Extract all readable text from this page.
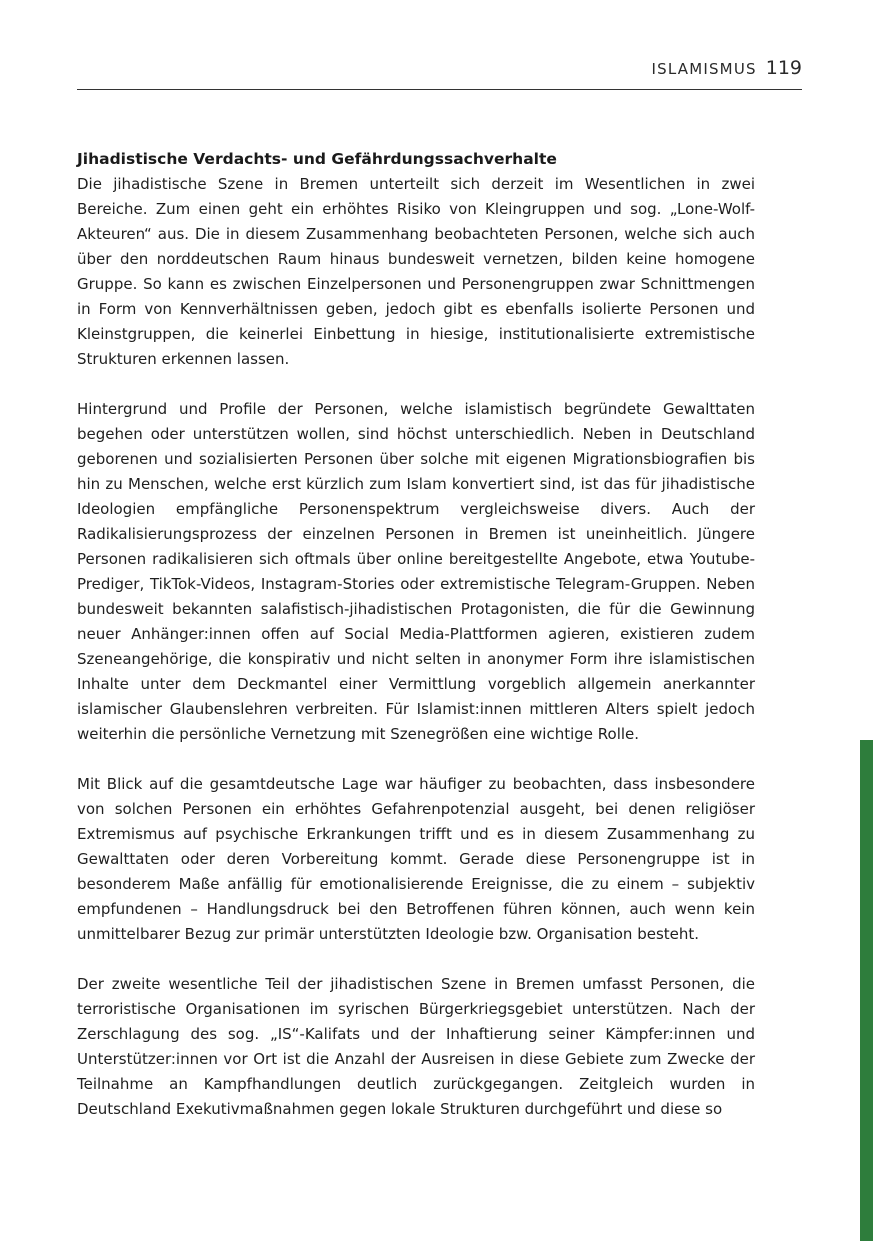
ISLAMISMUS 119
Jihadistische Verdachts- und Gefährdungssachverhalte

Die jihadistische Szene in Bremen unterteilt sich derzeit im Wesentlichen in zwei Bereiche. Zum einen geht ein erhöhtes Risiko von Kleingruppen und sog. „Lone-Wolf-Akteuren“ aus. Die in diesem Zusammenhang beobachteten Personen, welche sich auch über den norddeutschen Raum hinaus bundesweit vernetzen, bilden keine homogene Gruppe. So kann es zwischen Einzelpersonen und Personengruppen zwar Schnittmengen in Form von Kennverhältnissen geben, jedoch gibt es ebenfalls isolierte Personen und Kleinstgruppen, die keinerlei Einbettung in hiesige, institutionalisierte extremistische Strukturen erkennen lassen.

Hintergrund und Profile der Personen, welche islamistisch begründete Gewalttaten begehen oder unterstützen wollen, sind höchst unterschiedlich. Neben in Deutschland geborenen und sozialisierten Personen über solche mit eigenen Migrationsbiografien bis hin zu Menschen, welche erst kürzlich zum Islam konvertiert sind, ist das für jihadistische Ideologien empfängliche Personenspektrum vergleichsweise divers. Auch der Radikalisierungsprozess der einzelnen Personen in Bremen ist uneinheitlich. Jüngere Personen radikalisieren sich oftmals über online bereitgestellte Angebote, etwa Youtube-Prediger, TikTok-Videos, Instagram-Stories oder extremistische Telegram-Gruppen. Neben bundesweit bekannten salafistisch-jihadistischen Protagonisten, die für die Gewinnung neuer Anhänger:innen offen auf Social Media-Plattformen agieren, existieren zudem Szeneangehörige, die konspirativ und nicht selten in anonymer Form ihre islamistischen Inhalte unter dem Deckmantel einer Vermittlung vorgeblich allgemein anerkannter islamischer Glaubenslehren verbreiten. Für Islamist:innen mittleren Alters spielt jedoch weiterhin die persönliche Vernetzung mit Szenegrößen eine wichtige Rolle.

Mit Blick auf die gesamtdeutsche Lage war häufiger zu beobachten, dass insbesondere von solchen Personen ein erhöhtes Gefahrenpotenzial ausgeht, bei denen religiöser Extremismus auf psychische Erkrankungen trifft und es in diesem Zusammenhang zu Gewalttaten oder deren Vorbereitung kommt. Gerade diese Personengruppe ist in besonderem Maße anfällig für emotionalisierende Ereignisse, die zu einem – subjektiv empfundenen – Handlungsdruck bei den Betroffenen führen können, auch wenn kein unmittelbarer Bezug zur primär unterstützten Ideologie bzw. Organisation besteht.

Der zweite wesentliche Teil der jihadistischen Szene in Bremen umfasst Personen, die terroristische Organisationen im syrischen Bürgerkriegsgebiet unterstützen. Nach der Zerschlagung des sog. „IS“-Kalifats und der Inhaftierung seiner Kämpfer:innen und Unterstützer:innen vor Ort ist die Anzahl der Ausreisen in diese Gebiete zum Zwecke der Teilnahme an Kampfhandlungen deutlich zurückgegangen. Zeitgleich wurden in Deutschland Exekutivmaßnahmen gegen lokale Strukturen durchgeführt und diese so
